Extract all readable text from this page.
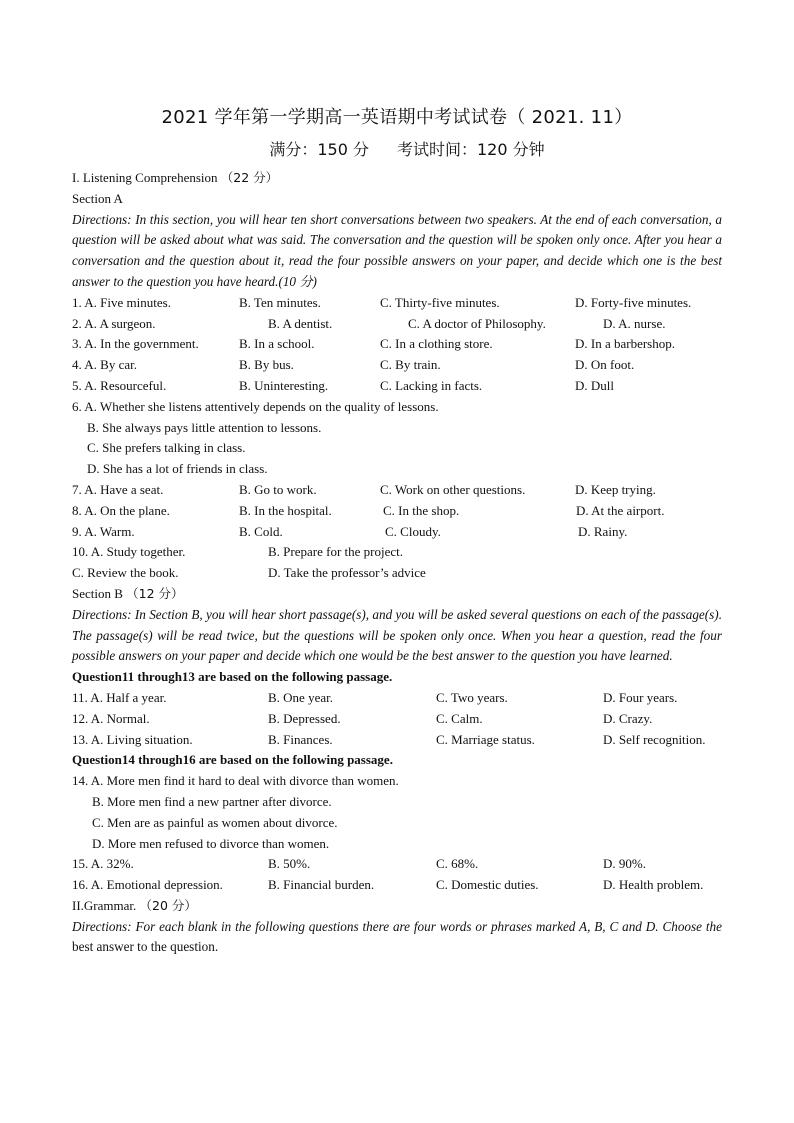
2021 学年第一学期高一英语期中考试试卷（ 2021. 11）
满分：150 分 考试时间：120 分钟
I. Listening Comprehension （22 分）
Section A
Directions: In this section, you will hear ten short conversations between two speakers. At the end of each conversation, a question will be asked about what was said. The conversation and the question will be spoken only once. After you hear a conversation and the question about it, read the four possible answers on your paper, and decide which one is the best answer to the question you have heard.(10 分)
1. A. Five minutes.	B. Ten minutes.	C. Thirty-five minutes.	D. Forty-five minutes.
2. A. A surgeon.	B. A dentist.	C. A doctor of Philosophy.	D. A. nurse.
3. A. In the government.	B. In a school.	C. In a clothing store.	D. In a barbershop.
4. A. By car.	B. By bus.	C. By train.	D. On foot.
5. A. Resourceful.	B. Uninteresting.	C. Lacking in facts.	D. Dull
6. A. Whether she listens attentively depends on the quality of lessons.
B. She always pays little attention to lessons.
C. She prefers talking in class.
D. She has a lot of friends in class.
7. A. Have a seat.	B. Go to work.	C. Work on other questions.	D. Keep trying.
8. A. On the plane.	B. In the hospital.	C. In the shop.	D. At the airport.
9. A. Warm.	B. Cold.	C. Cloudy.	D. Rainy.
10. A. Study together.	B. Prepare for the project.
C. Review the book.	D. Take the professor’s advice
Section B （12 分）
Directions: In Section B, you will hear short passage(s), and you will be asked several questions on each of the passage(s). The passage(s) will be read twice, but the questions will be spoken only once. When you hear a question, read the four possible answers on your paper and decide which one would be the best answer to the question you have learned.
Question11 through13 are based on the following passage.
11. A. Half a year.	B. One year.	C. Two years.	D. Four years.
12. A. Normal.	B. Depressed.	C. Calm.	D. Crazy.
13. A. Living situation.	B. Finances.	C. Marriage status.	D. Self recognition.
Question14 through16 are based on the following passage.
14. A. More men find it hard to deal with divorce than women.
B. More men find a new partner after divorce.
C. Men are as painful as women about divorce.
D. More men refused to divorce than women.
15. A. 32%.	B. 50%.	C. 68%.	D. 90%.
16. A. Emotional depression.	B. Financial burden.	C. Domestic duties.	D. Health problem.
II.Grammar. （20 分）
Directions: For each blank in the following questions there are four words or phrases marked A, B, C and D. Choose the best answer to the question.
